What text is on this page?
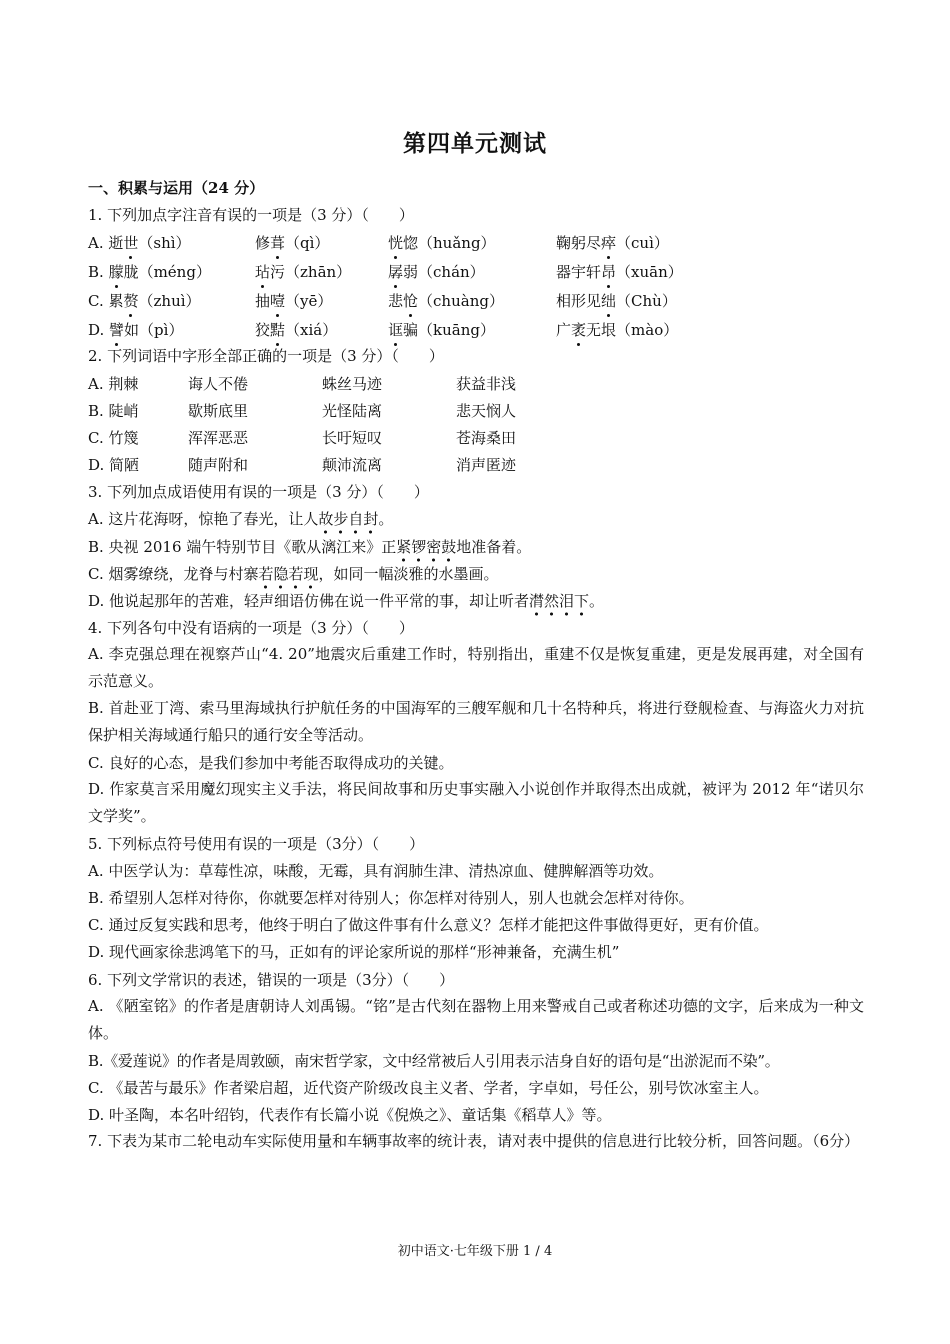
第四单元测试
一、积累与运用（24 分）
1. 下列加点字注音有误的一项是（3 分）（　　）
A. 逝世（shì）	修葺（qì）	恍惚（huǎng）	鞠躬尽瘁（cuì）
B. 朦胧（méng）	玷污（zhān） 孱弱（chán）	器宇轩昂（xuān）
C. 累赘（zhuì）	抽噎（yē）	悲怆（chuàng）	相形见绌（Chù）
D. 譬如（pì）	狡黠（xiá）	诓骗（kuāng）	广袤无垠（mào）
2. 下列词语中字形全部正确的一项是（3 分）（　　）
A. 荆棘	诲人不倦	蛛丝马迹	获益非浅
B. 陡峭	歇斯底里	光怪陆离	悲天悯人
C. 竹篾	浑浑恶恶	长吁短叹	苍海桑田
D. 简陋	随声附和	颠沛流离	消声匿迹
3. 下列加点成语使用有误的一项是（3 分）（　　）
A. 这片花海呀，惊艳了春光，让人故步自封。
B. 央视 2016 端午特别节目《歌从漓江来》正紧锣密鼓地准备着。
C. 烟雾缭绕，龙脊与村寨若隐若现，如同一幅淡雅的水墨画。
D. 他说起那年的苦难，轻声细语仿佛在说一件平常的事，却让听者潸然泪下。
4. 下列各句中没有语病的一项是（3 分）（　　）
A. 李克强总理在视察芦山“4. 20”地震灾后重建工作时，特别指出，重建不仅是恢复重建，更是发展再建，对全国有示范意义。
B. 首赴亚丁湾、索马里海域执行护航任务的中国海军的三艘军舰和几十名特种兵，将进行登舰检查、与海盗火力对抗保护相关海域通行船只的通行安全等活动。
C. 良好的心态，是我们参加中考能否取得成功的关键。
D. 作家莫言采用魔幻现实主义手法，将民间故事和历史事实融入小说创作并取得杰出成就，被评为 2012 年“诺贝尔文学奖”。
5. 下列标点符号使用有误的一项是（3分）（　　）
A. 中医学认为：草莓性凉，味酸，无霉，具有润肺生津、清热凉血、健脾解酒等功效。
B. 希望别人怎样对待你，你就要怎样对待别人；你怎样对待别人，别人也就会怎样对待你。
C. 通过反复实践和思考，他终于明白了做这件事有什么意义？怎样才能把这件事做得更好，更有价值。
D. 现代画家徐悲鸿笔下的马，正如有的评论家所说的那样“形神兼备，充满生机”
6. 下列文学常识的表述，错误的一项是（3分）（　　）
A. 《陋室铭》的作者是唐朝诗人刘禹锡。“铭”是古代刻在器物上用来警戒自己或者称述功德的文字，后来成为一种文体。
B.《爱莲说》的作者是周敦颐，南宋哲学家，文中经常被后人引用表示洁身自好的语句是“出淤泥而不染”。
C. 《最苦与最乐》作者梁启超，近代资产阶级改良主义者、学者，字卓如，号任公，别号饮冰室主人。
D. 叶圣陶，本名叶绍钧，代表作有长篇小说《倪焕之》、童话集《稻草人》等。
7. 下表为某市二轮电动车实际使用量和车辆事故率的统计表，请对表中提供的信息进行比较分析，回答问题。（6分）
初中语文·七年级下册 1 / 4
